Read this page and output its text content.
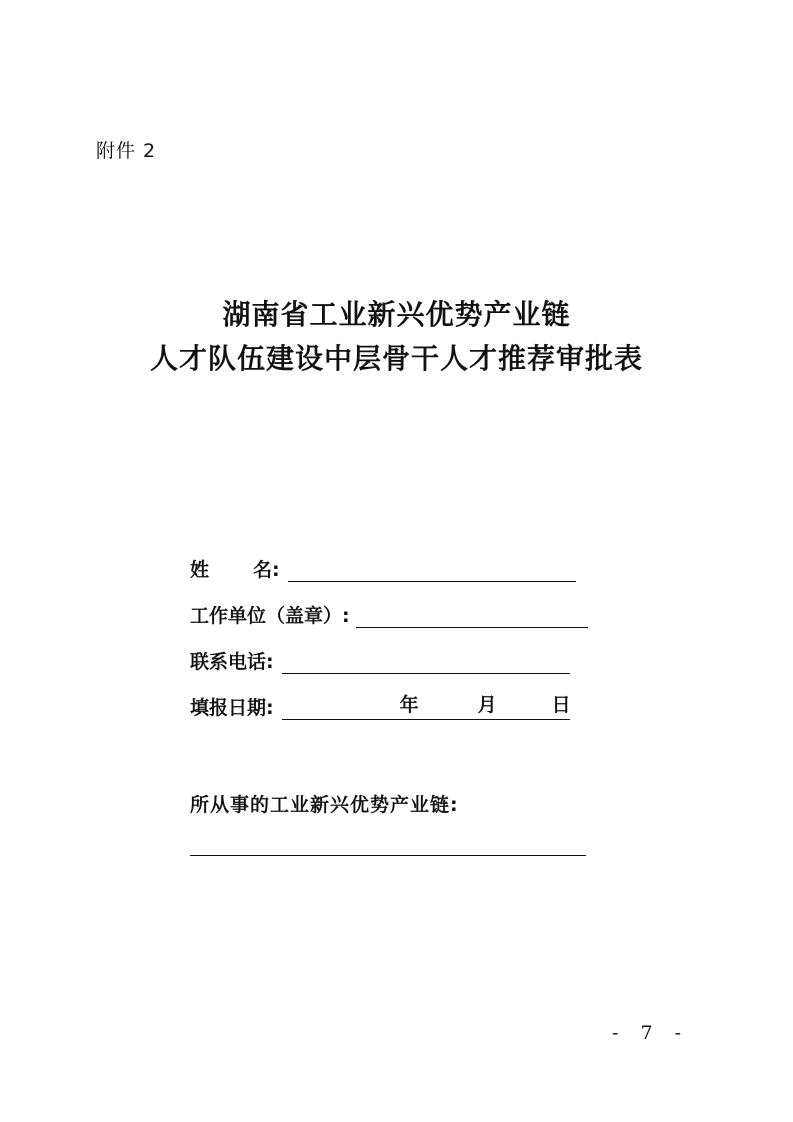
附件 2
湖南省工业新兴优势产业链
人才队伍建设中层骨干人才推荐审批表
姓 名:
工作单位（盖章）:
联系电话:
填报日期:	年	月	日
所从事的工业新兴优势产业链:
- 7 -
